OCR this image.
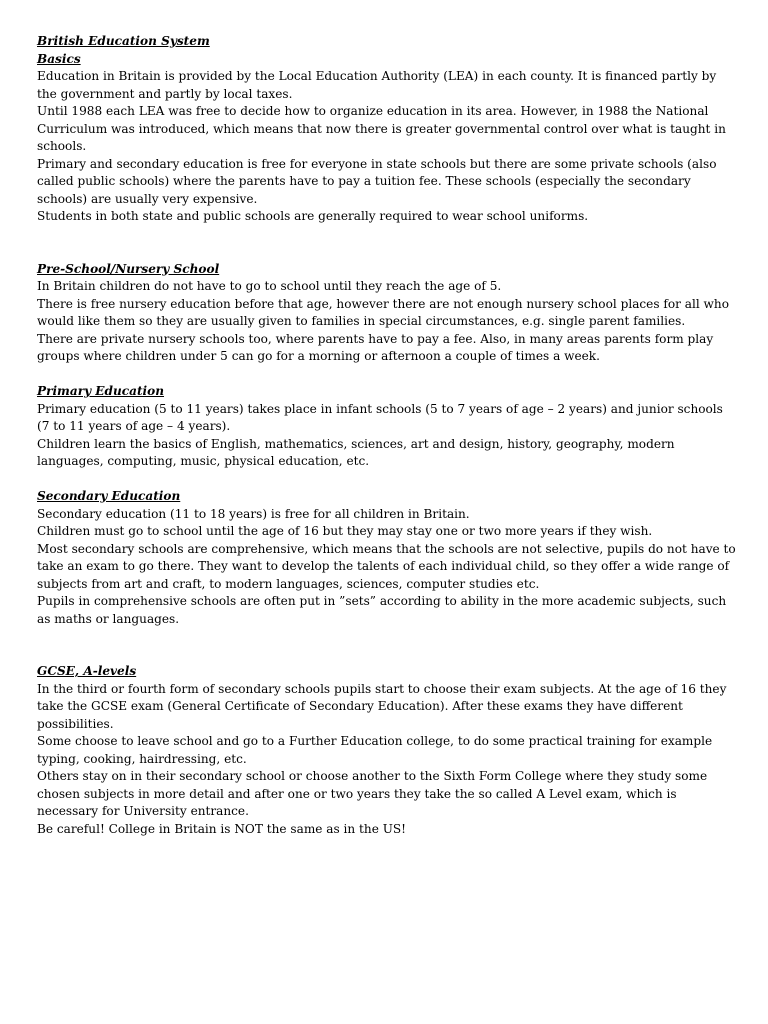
British Education System
Basics

Education in Britain is provided by the Local Education Authority (LEA) in each county. It is financed partly by the government and partly by local taxes.

Until 1988 each LEA was free to decide how to organize education in its area. However, in 1988 the National Curriculum was introduced, which means that now there is greater governmental control over what is taught in schools.

Primary and secondary education is free for everyone in state schools but there are some private schools (also called public schools) where the parents have to pay a tuition fee. These schools (especially the secondary schools) are usually very expensive.

Students in both state and public schools are generally required to wear school uniforms.

Pre-School/Nursery School

In Britain children do not have to go to school until they reach the age of 5.

There is free nursery education before that age, however there are not enough nursery school places for all who would like them so they are usually given to families in special circumstances, e.g. single parent families.

There are private nursery schools too, where parents have to pay a fee. Also, in many areas parents form play groups where children under 5 can go for a morning or afternoon a couple of times a week.

Primary Education

Primary education (5 to 11 years) takes place in infant schools (5 to 7 years of age – 2 years) and junior schools (7 to 11 years of age – 4 years).

Children learn the basics of English, mathematics, sciences, art and design, history, geography, modern languages, computing, music, physical education, etc.

Secondary Education

Secondary education (11 to 18 years) is free for all children in Britain.

Children must go to school until the age of 16 but they may stay one or two more years if they wish.

Most secondary schools are comprehensive, which means that the schools are not selective, pupils do not have to take an exam to go there. They want to develop the talents of each individual child, so they offer a wide range of subjects from art and craft, to modern languages, sciences, computer studies etc.

Pupils in comprehensive schools are often put in ”sets” according to ability in the more academic subjects, such as maths or languages.

GCSE, A-levels

In the third or fourth form of secondary schools pupils start to choose their exam subjects. At the age of 16 they take the GCSE exam (General Certificate of Secondary Education). After these exams they have different possibilities.

Some choose to leave school and go to a Further Education college, to do some practical training for example typing, cooking, hairdressing, etc.

Others stay on in their secondary school or choose another to the Sixth Form College where they study some chosen subjects in more detail and after one or two years they take the so called A Level exam, which is necessary for University entrance.

Be careful! College in Britain is NOT the same as in the US!
